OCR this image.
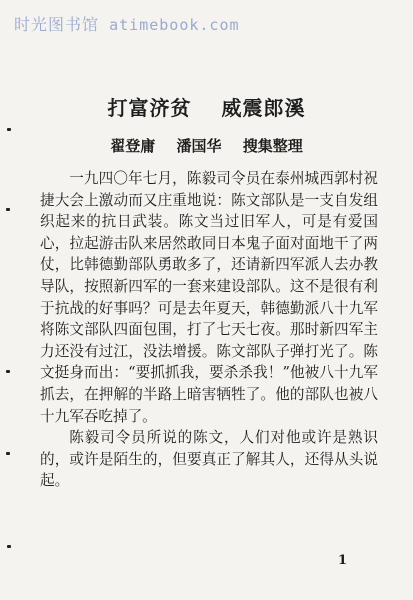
时光图书馆 atimebook.com
打富济贫 威震郎溪
翟登庸 潘国华 搜集整理

一九四〇年七月，陈毅司令员在泰州城西郭村祝捷大会上激动而又庄重地说：陈文部队是一支自发组织起来的抗日武装。陈文当过旧军人，可是有爱国心，拉起游击队来居然敢同日本鬼子面对面地干了两仗，比韩德勤部队勇敢多了，还请新四军派人去办教导队，按照新四军的一套来建设部队。这不是很有利于抗战的好事吗？可是去年夏天，韩德勤派八十九军将陈文部队四面包围，打了七天七夜。那时新四军主力还没有过江，没法增援。陈文部队子弹打光了。陈文挺身而出：“要抓抓我，要杀杀我！”他被八十九军抓去，在押解的半路上暗害牺牲了。他的部队也被八十九军吞吃掉了。

陈毅司令员所说的陈文，人们对他或许是熟识的，或许是陌生的，但要真正了解其人，还得从头说起。

1
